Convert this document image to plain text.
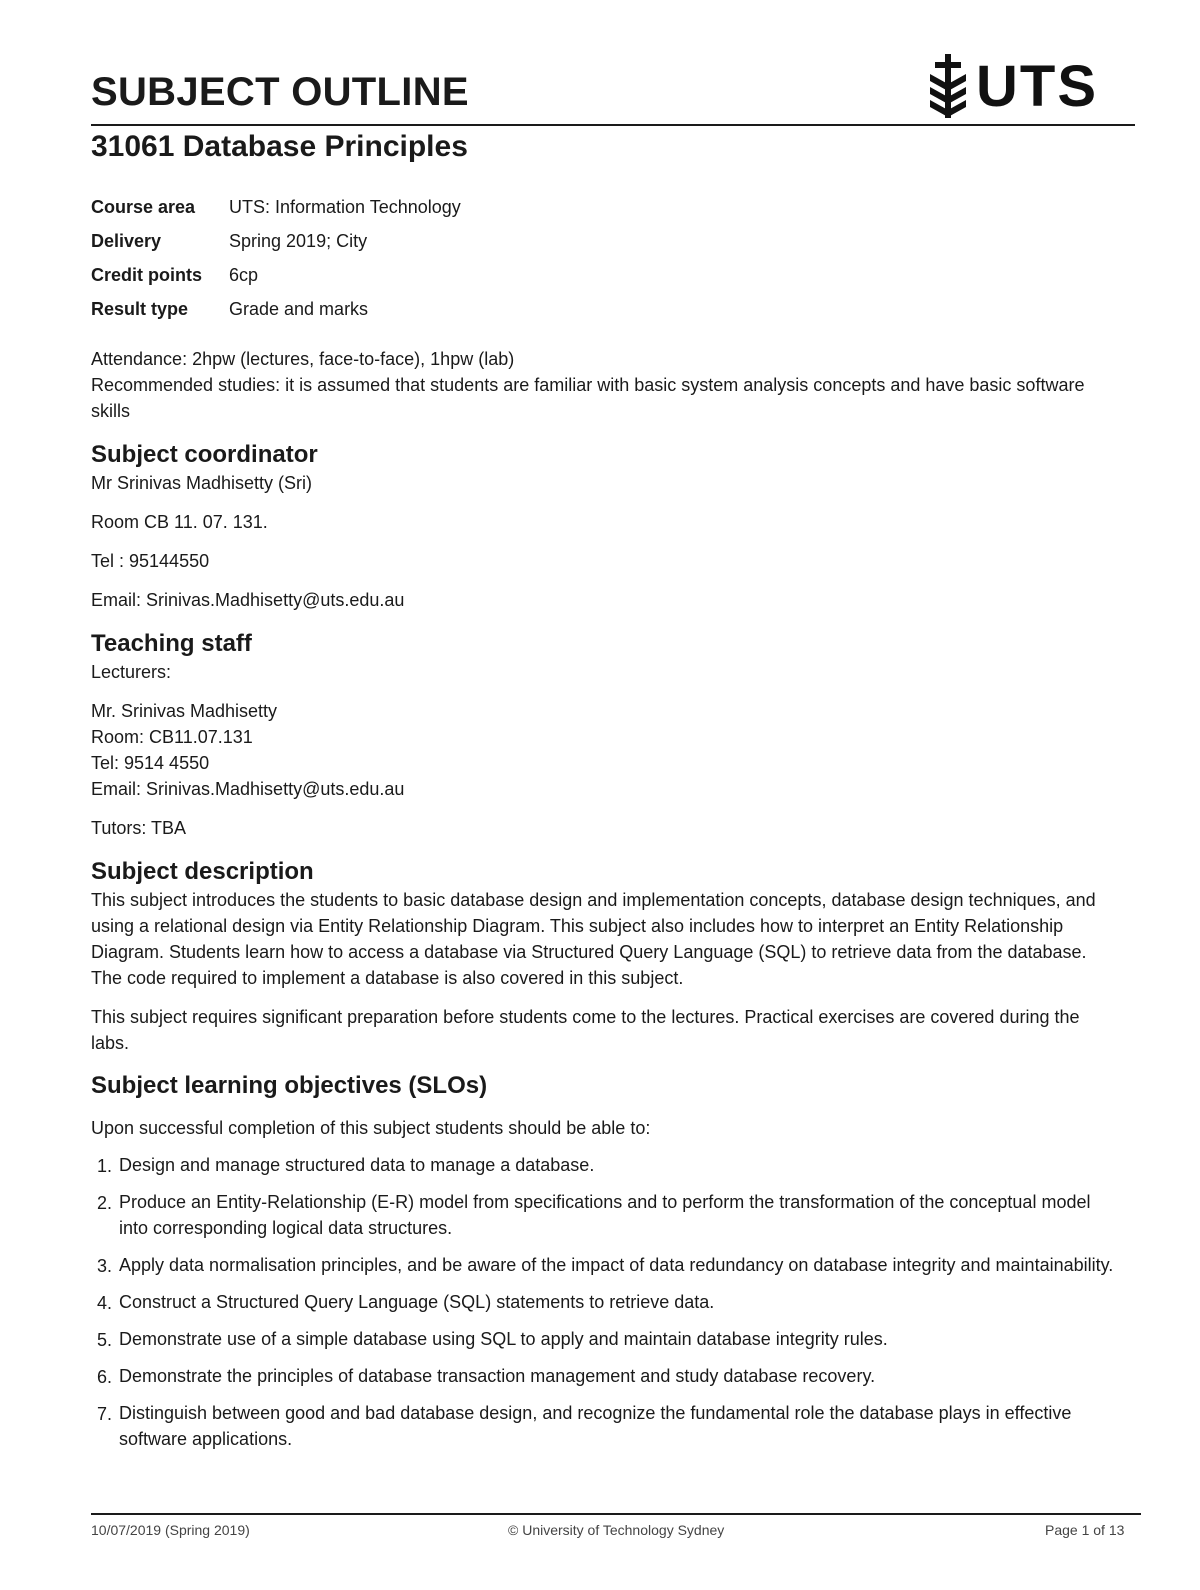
SUBJECT OUTLINE	UTS
31061 Database Principles
Course area	UTS: Information Technology
Delivery	Spring 2019; City
Credit points	6cp
Result type	Grade and marks

Attendance: 2hpw (lectures, face-to-face), 1hpw (lab)

Recommended studies: it is assumed that students are familiar with basic system analysis concepts and have basic software skills

Subject coordinator

Mr Srinivas Madhisetty (Sri)

Room CB 11. 07. 131.

Tel : 95144550

Email: Srinivas.Madhisetty@uts.edu.au

Teaching staff

Lecturers:

Mr. Srinivas Madhisetty

Room: CB11.07.131

Tel: 9514 4550

Email: Srinivas.Madhisetty@uts.edu.au

Tutors: TBA

Subject description

This subject introduces the students to basic database design and implementation concepts, database design techniques, and using a relational design via Entity Relationship Diagram. This subject also includes how to interpret an Entity Relationship Diagram. Students learn how to access a database via Structured Query Language (SQL) to retrieve data from the database. The code required to implement a database is also covered in this subject.

This subject requires significant preparation before students come to the lectures. Practical exercises are covered during the labs.

Subject learning objectives (SLOs)

Upon successful completion of this subject students should be able to:

1. Design and manage structured data to manage a database.
2. Produce an Entity-Relationship (E-R) model from specifications and to perform the transformation of the conceptual model into corresponding logical data structures.
3. Apply data normalisation principles, and be aware of the impact of data redundancy on database integrity and maintainability.
4. Construct a Structured Query Language (SQL) statements to retrieve data.
5. Demonstrate use of a simple database using SQL to apply and maintain database integrity rules.
6. Demonstrate the principles of database transaction management and study database recovery.
7. Distinguish between good and bad database design, and recognize the fundamental role the database plays in effective software applications.
10/07/2019 (Spring 2019)	© University of Technology Sydney	Page 1 of 13
